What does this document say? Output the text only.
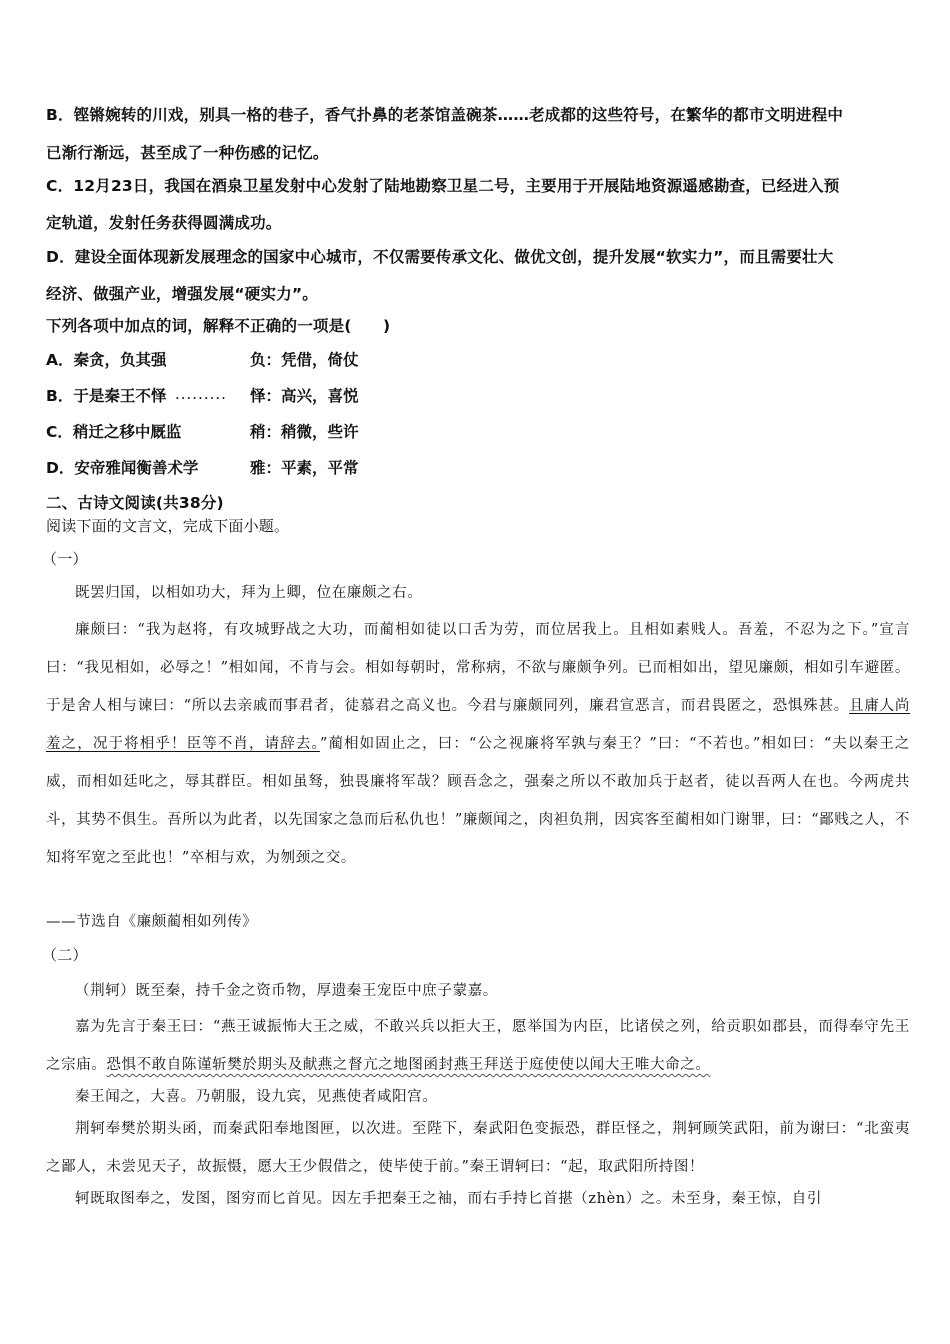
B．铿锵婉转的川戏，别具一格的巷子，香气扑鼻的老茶馆盖碗茶……老成都的这些符号，在繁华的都市文明进程中
已渐行渐远，甚至成了一种伤感的记忆。
C．12月23日，我国在酒泉卫星发射中心发射了陆地勘察卫星二号，主要用于开展陆地资源遥感勘查，已经进入预
定轨道，发射任务获得圆满成功。
D．建设全面体现新发展理念的国家中心城市，不仅需要传承文化、做优文创，提升发展“软实力”，而且需要壮大
经济、做强产业，增强发展“硬实力”。
下列各项中加点的词，解释不正确的一项是(　　)
A．秦贪，负其强	负：凭借，倚仗
B．于是秦王不怿 ········· 怿：高兴，喜悦
C．稍迁之移中厩监	稍：稍微，些许
D．安帝雅闻衡善术学	雅：平素，平常
二、古诗文阅读(共38分)
阅读下面的文言文，完成下面小题。
（一）
既罢归国，以相如功大，拜为上卿，位在廉颇之右。
廉颇曰：“我为赵将，有攻城野战之大功，而蔺相如徒以口舌为劳，而位居我上。且相如素贱人。吾羞，不忍为之下。”宣言曰：“我见相如，必辱之！”相如闻，不肯与会。相如每朝时，常称病，不欲与廉颇争列。已而相如出，望见廉颇，相如引车避匿。于是舍人相与谏曰：“所以去亲戚而事君者，徒慕君之高义也。今君与廉颇同列，廉君宣恶言，而君畏匿之，恐惧殊甚。且庸人尚羞之，况于将相乎！臣等不肖，请辞去。”蔺相如固止之，曰：“公之视廉将军孰与秦王？”曰：“不若也。”相如曰：“夫以秦王之威，而相如廷叱之，辱其群臣。相如虽驽，独畏廉将军哉？顾吾念之，强秦之所以不敢加兵于赵者，徒以吾两人在也。今两虎共斗，其势不俱生。吾所以为此者，以先国家之急而后私仇也！”廉颇闻之，肉袒负荆，因宾客至蔺相如门谢罪，曰：“鄙贱之人，不知将军宽之至此也！”卒相与欢，为刎颈之交。
——节选自《廉颇蔺相如列传》
（二）
（荆轲）既至秦，持千金之资币物，厚遗秦王宠臣中庶子蒙嘉。
嘉为先言于秦王曰：“燕王诚振怖大王之威，不敢兴兵以拒大王，愿举国为内臣，比诸侯之列，给贡职如郡县，而得奉守先王之宗庙。恐惧不敢自陈谨斩樊於期头及献燕之督亢之地图函封燕王拜送于庭使使以闻大王唯大命之。
秦王闻之，大喜。乃朝服，设九宾，见燕使者咸阳宫。
荆轲奉樊於期头函，而秦武阳奉地图匣，以次进。至陛下，秦武阳色变振恐，群臣怪之，荆轲顾笑武阳，前为谢曰：“北蛮夷之鄙人，未尝见天子，故振慑，愿大王少假借之，使毕使于前。”秦王谓轲曰：“起，取武阳所持图！
轲既取图奉之，发图，图穷而匕首见。因左手把秦王之袖，而右手持匕首揕（zhèn）之。未至身，秦王惊，自引
